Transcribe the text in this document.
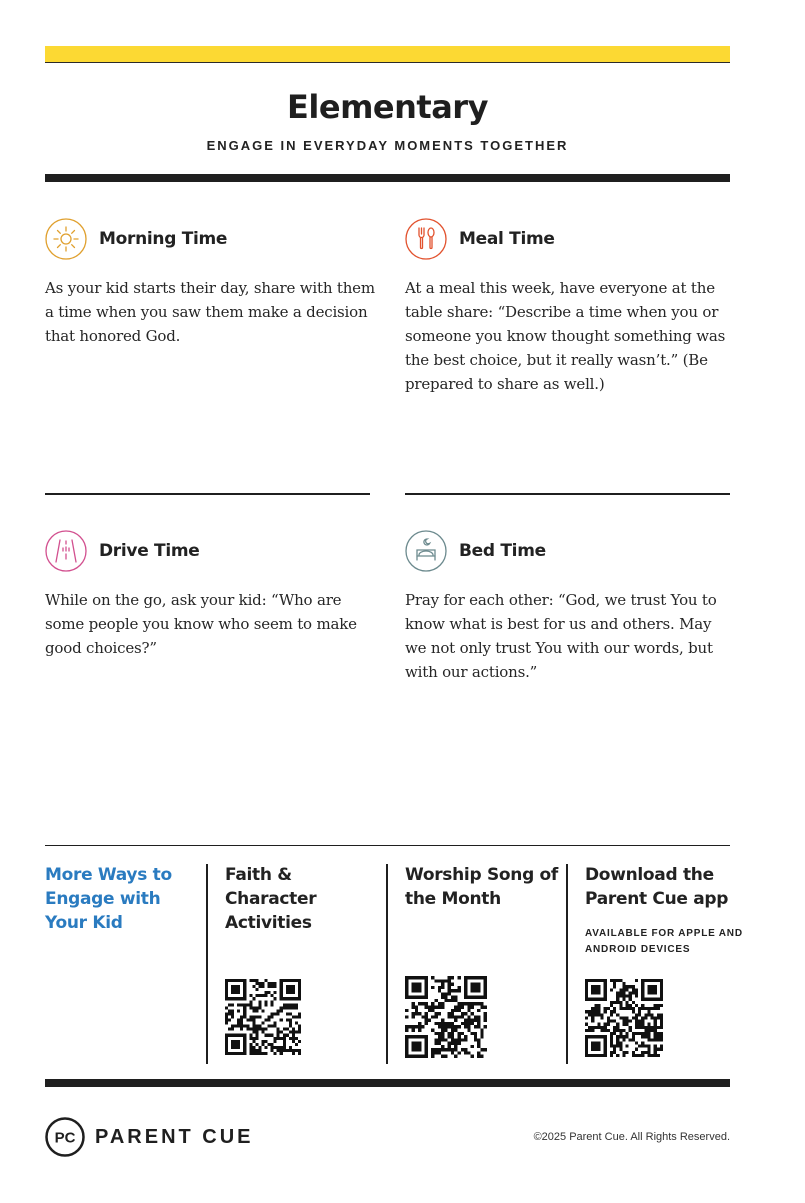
Elementary
ENGAGE IN EVERYDAY MOMENTS TOGETHER
Morning Time
As your kid starts their day, share with them a time when you saw them make a decision that honored God.
Meal Time
At a meal this week, have everyone at the table share: “Describe a time when you or someone you know thought something was the best choice, but it really wasn’t.” (Be prepared to share as well.)
Drive Time
While on the go, ask your kid: “Who are some people you know who seem to make good choices?”
Bed Time
Pray for each other: “God, we trust You to know what is best for us and others. May we not only trust You with our words, but with our actions.”
More Ways to Engage with Your Kid
Faith & Character Activities
Worship Song of the Month
Download the Parent Cue app
AVAILABLE FOR APPLE AND ANDROID DEVICES
PC PARENT CUE	©2025 Parent Cue. All Rights Reserved.
